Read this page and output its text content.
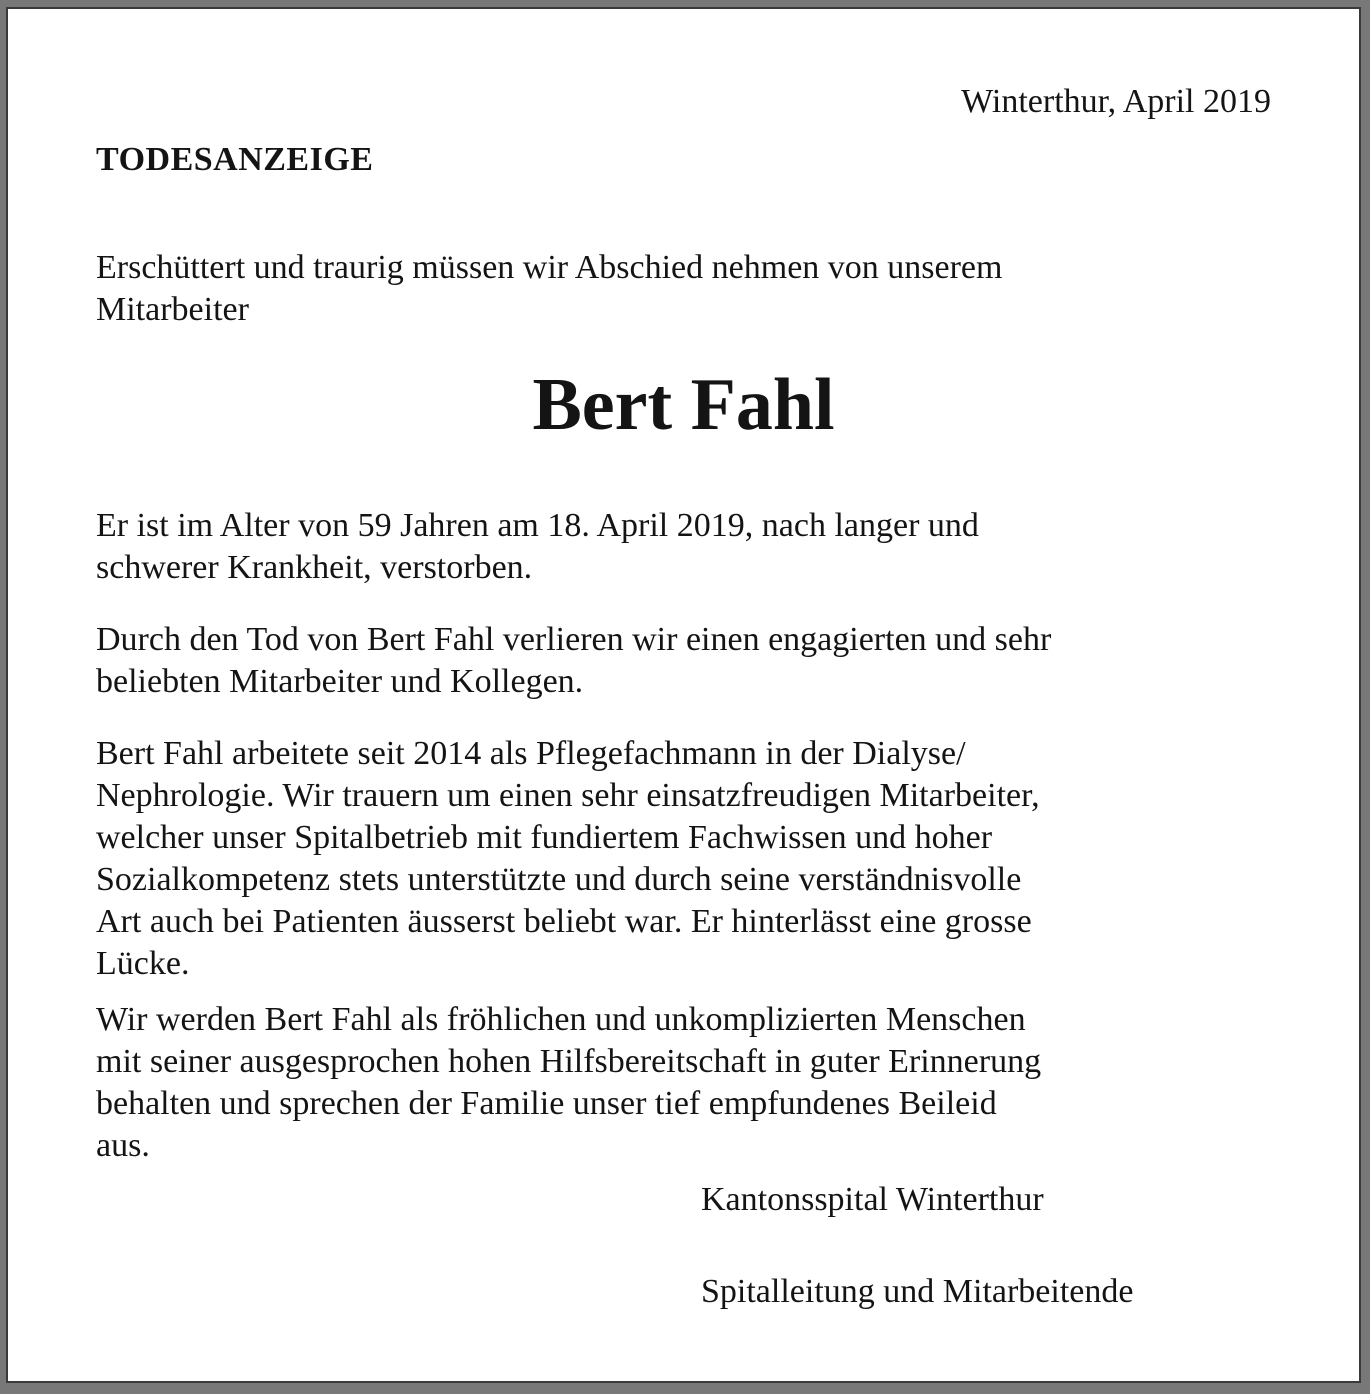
Winterthur, April 2019
TODESANZEIGE
Erschüttert und traurig müssen wir Abschied nehmen von unserem
Mitarbeiter
Bert Fahl
Er ist im Alter von 59 Jahren am 18. April 2019, nach langer und
schwerer Krankheit, verstorben.
Durch den Tod von Bert Fahl verlieren wir einen engagierten und sehr
beliebten Mitarbeiter und Kollegen.
Bert Fahl arbeitete seit 2014 als Pflegefachmann in der Dialyse/
Nephrologie. Wir trauern um einen sehr einsatzfreudigen Mitarbeiter,
welcher unser Spitalbetrieb mit fundiertem Fachwissen und hoher
Sozialkompetenz stets unterstützte und durch seine verständnisvolle
Art auch bei Patienten äusserst beliebt war. Er hinterlässt eine grosse
Lücke.
Wir werden Bert Fahl als fröhlichen und unkomplizierten Menschen
mit seiner ausgesprochen hohen Hilfsbereitschaft in guter Erinnerung
behalten und sprechen der Familie unser tief empfundenes Beileid
aus.
Kantonsspital Winterthur
Spitalleitung und Mitarbeitende
